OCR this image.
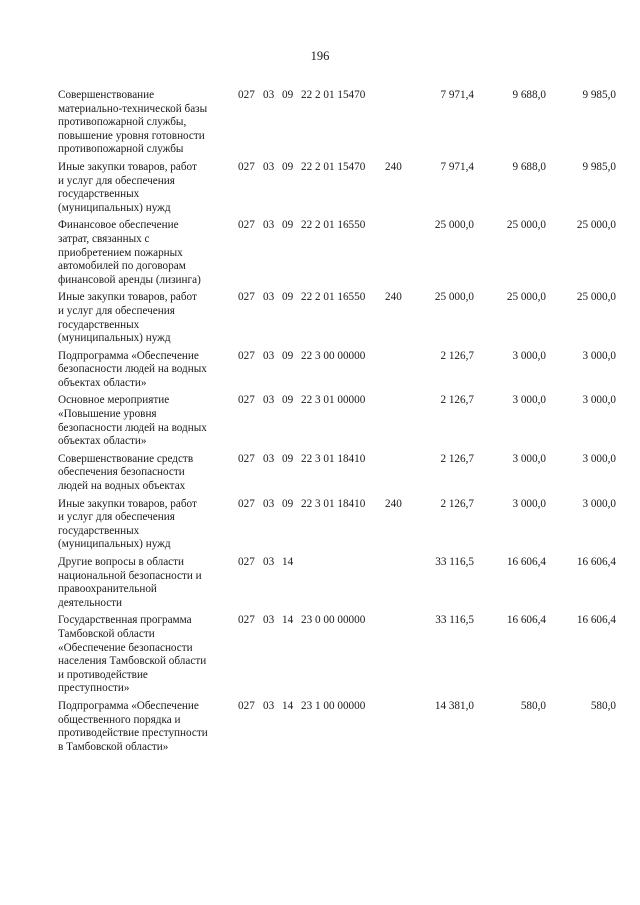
196
Совершенствование
материально-технической базы
противопожарной службы,
повышение уровня готовности
противопожарной службы
027 03 09 22 2 01 15470	7 971,4	9 688,0	9 985,0
Иные закупки товаров, работ
и услуг для обеспечения
государственных
(муниципальных) нужд
027 03 09 22 2 01 15470	240	7 971,4	9 688,0	9 985,0
Финансовое обеспечение
затрат, связанных с
приобретением пожарных
автомобилей по договорам
финансовой аренды (лизинга)
027 03 09 22 2 01 16550	25 000,0	25 000,0	25 000,0
Иные закупки товаров, работ
и услуг для обеспечения
государственных
(муниципальных) нужд
027 03 09 22 2 01 16550	240	25 000,0	25 000,0	25 000,0
Подпрограмма «Обеспечение
безопасности людей на водных
объектах области»
027 03 09 22 3 00 00000	2 126,7	3 000,0	3 000,0
Основное мероприятие
«Повышение уровня
безопасности людей на водных
объектах области»
027 03 09 22 3 01 00000	2 126,7	3 000,0	3 000,0
Совершенствование средств
обеспечения безопасности
людей на водных объектах
027 03 09 22 3 01 18410	2 126,7	3 000,0	3 000,0
Иные закупки товаров, работ
и услуг для обеспечения
государственных
(муниципальных) нужд
027 03 09 22 3 01 18410	240	2 126,7	3 000,0	3 000,0
Другие вопросы в области
национальной безопасности и
правоохранительной
деятельности
027 03 14	33 116,5	16 606,4	16 606,4
Государственная программа
Тамбовской области
«Обеспечение безопасности
населения Тамбовской области
и противодействие
преступности»
027 03 14 23 0 00 00000	33 116,5	16 606,4	16 606,4
Подпрограмма «Обеспечение
общественного порядка и
противодействие преступности
в Тамбовской области»
027 03 14 23 1 00 00000	14 381,0	580,0	580,0
